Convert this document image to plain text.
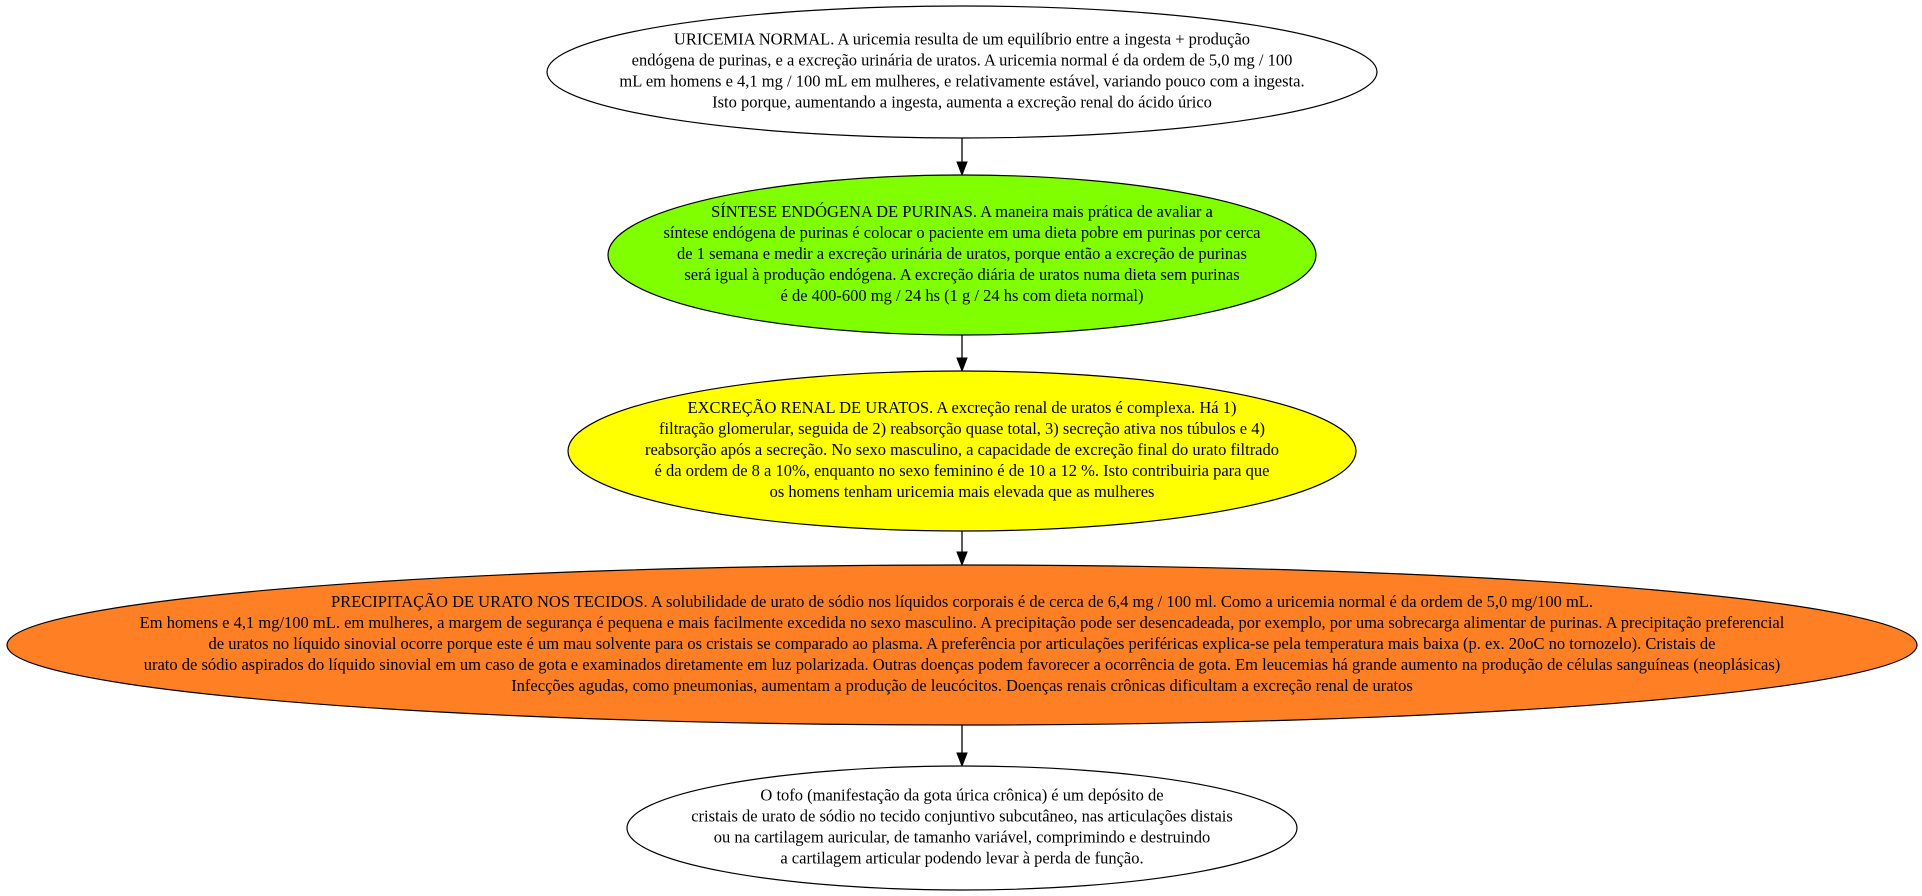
URICEMIA NORMAL. A uricemia resulta de um equilíbrio entre a ingesta + produção
endógena de purinas, e a excreção urinária de uratos. A uricemia normal é da ordem de 5,0 mg / 100
mL em homens e 4,1 mg / 100 mL em mulheres, e relativamente estável, variando pouco com a ingesta.
Isto porque, aumentando a ingesta, aumenta a excreção renal do ácido úrico
SÍNTESE ENDÓGENA DE PURINAS. A maneira mais prática de avaliar a
síntese endógena de purinas é colocar o paciente em uma dieta pobre em purinas por cerca
de 1 semana e medir a excreção urinária de uratos, porque então a excreção de purinas
será igual à produção endógena. A excreção diária de uratos numa dieta sem purinas
é de 400-600 mg / 24 hs (1 g / 24 hs com dieta normal)
EXCREÇÃO RENAL DE URATOS. A excreção renal de uratos é complexa. Há 1)
filtração glomerular, seguida de 2) reabsorção quase total, 3) secreção ativa nos túbulos e 4)
reabsorção após a secreção. No sexo masculino, a capacidade de excreção final do urato filtrado
é da ordem de 8 a 10%, enquanto no sexo feminino é de 10 a 12 %. Isto contribuiria para que
os homens tenham uricemia mais elevada que as mulheres
PRECIPITAÇÃO DE URATO NOS TECIDOS. A solubilidade de urato de sódio nos líquidos corporais é de cerca de 6,4 mg / 100 ml. Como a uricemia normal é da ordem de 5,0 mg/100 mL.
Em homens e 4,1 mg/100 mL. em mulheres, a margem de segurança é pequena e mais facilmente excedida no sexo masculino. A precipitação pode ser desencadeada, por exemplo, por uma sobrecarga alimentar de purinas. A precipitação preferencial
de uratos no líquido sinovial ocorre porque este é um mau solvente para os cristais se comparado ao plasma. A preferência por articulações periféricas explica-se pela temperatura mais baixa (p. ex. 20oC no tornozelo). Cristais de
urato de sódio aspirados do líquido sinovial em um caso de gota e examinados diretamente em luz polarizada. Outras doenças podem favorecer a ocorrência de gota. Em leucemias há grande aumento na produção de células sanguíneas (neoplásicas)
Infecções agudas, como pneumonias, aumentam a produção de leucócitos. Doenças renais crônicas dificultam a excreção renal de uratos
O tofo (manifestação da gota úrica crônica) é um depósito de
cristais de urato de sódio no tecido conjuntivo subcutâneo, nas articulações distais
ou na cartilagem auricular, de tamanho variável, comprimindo e destruindo
a cartilagem articular podendo levar à perda de função.
